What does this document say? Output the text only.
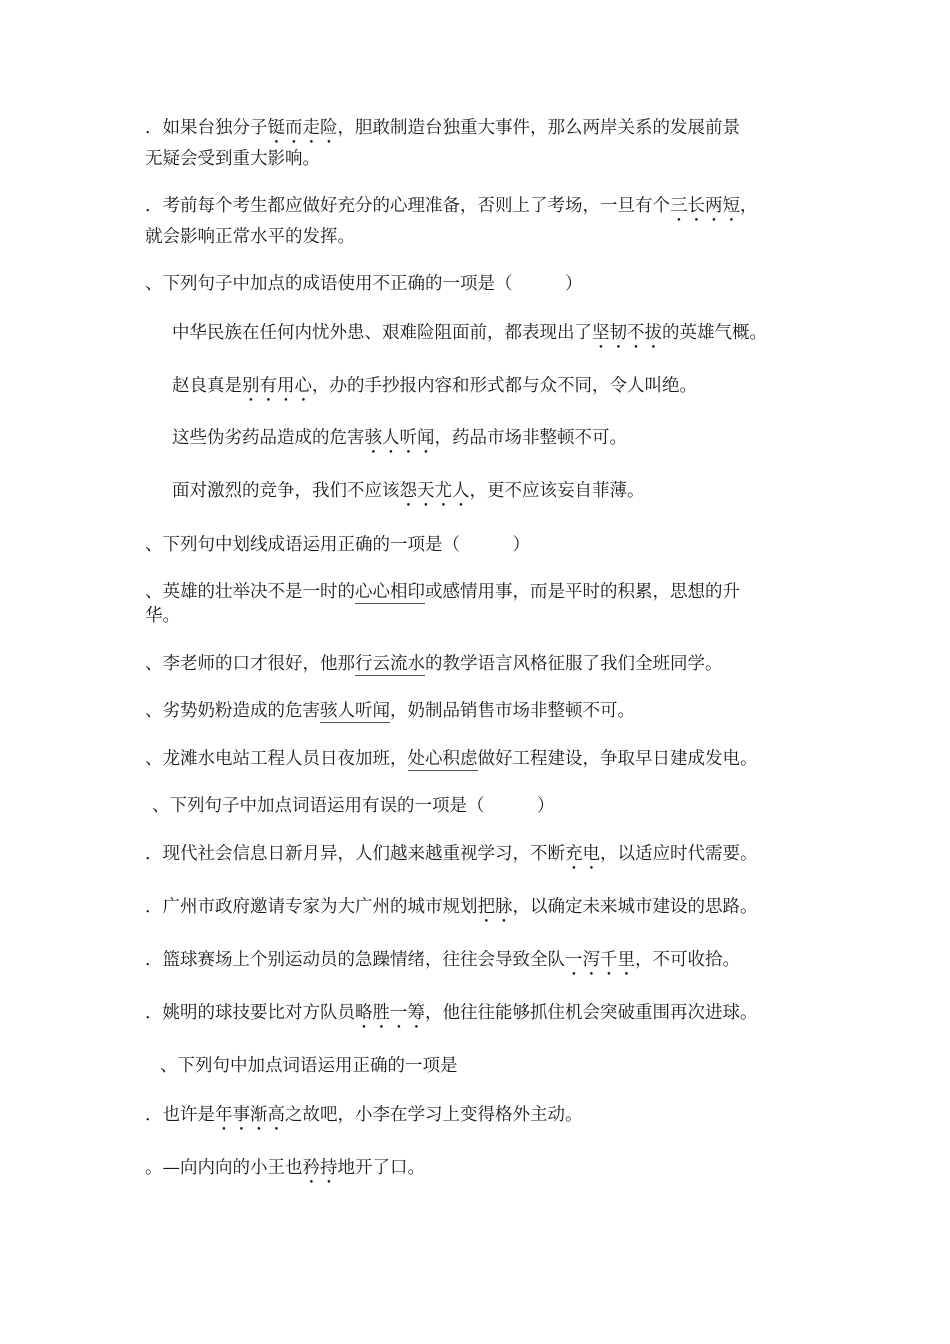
．如果台独分子铤而走险，胆敢制造台独重大事件，那么两岸关系的发展前景
无疑会受到重大影响。
．考前每个考生都应做好充分的心理准备，否则上了考场，一旦有个三长两短，
就会影响正常水平的发挥。
、下列句子中加点的成语使用不正确的一项是（　　　）
中华民族在任何内忧外患、艰难险阻面前，都表现出了坚韧不拔的英雄气概。
赵良真是别有用心，办的手抄报内容和形式都与众不同，令人叫绝。
这些伪劣药品造成的危害骇人听闻，药品市场非整顿不可。
面对激烈的竞争，我们不应该怨天尤人，更不应该妄自菲薄。
、下列句中划线成语运用正确的一项是（　　　）
、英雄的壮举决不是一时的心心相印或感情用事，而是平时的积累，思想的升
华。
、李老师的口才很好，他那行云流水的教学语言风格征服了我们全班同学。
、劣势奶粉造成的危害骇人听闻，奶制品销售市场非整顿不可。
、龙滩水电站工程人员日夜加班，处心积虑做好工程建设，争取早日建成发电。
、下列句子中加点词语运用有误的一项是（　　　）
．现代社会信息日新月异，人们越来越重视学习，不断充电，以适应时代需要。
．广州市政府邀请专家为大广州的城市规划把脉，以确定未来城市建设的思路。
．篮球赛场上个别运动员的急躁情绪，往往会导致全队一泻千里，不可收拾。
．姚明的球技要比对方队员略胜一筹，他往往能够抓住机会突破重围再次进球。
、下列句中加点词语运用正确的一项是
．也许是年事渐高之故吧，小李在学习上变得格外主动。
。—向内向的小王也矜持地开了口。
